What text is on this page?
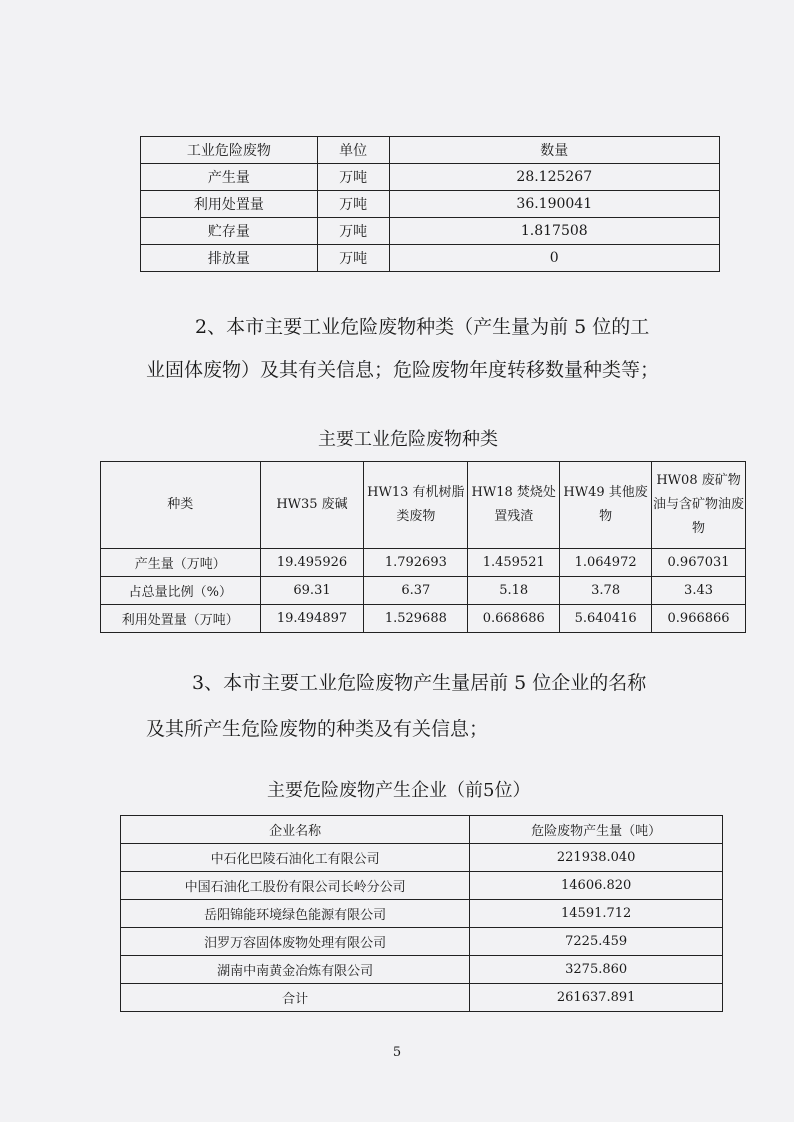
工业危险废物	单位	数量
产生量	万吨	28.125267
利用处置量	万吨	36.190041
贮存量	万吨	1.817508
排放量	万吨	0

2、本市主要工业危险废物种类（产生量为前 5 位的工

业固体废物）及其有关信息；危险废物年度转移数量种类等；

主要工业危险废物种类

种类	HW35 废碱	HW13 有机树脂类废物	HW18 焚烧处置残渣	HW49 其他废物	HW08 废矿物油与含矿物油废物
产生量（万吨）	19.495926	1.792693	1.459521	1.064972	0.967031
占总量比例（%）	69.31	6.37	5.18	3.78	3.43
利用处置量（万吨）	19.494897	1.529688	0.668686	5.640416	0.966866

3、本市主要工业危险废物产生量居前 5 位企业的名称

及其所产生危险废物的种类及有关信息；

主要危险废物产生企业（前5位）

企业名称	危险废物产生量（吨）
中石化巴陵石油化工有限公司	221938.040
中国石油化工股份有限公司长岭分公司	14606.820
岳阳锦能环境绿色能源有限公司	14591.712
汨罗万容固体废物处理有限公司	7225.459
湖南中南黄金冶炼有限公司	3275.860
合计	261637.891
5
